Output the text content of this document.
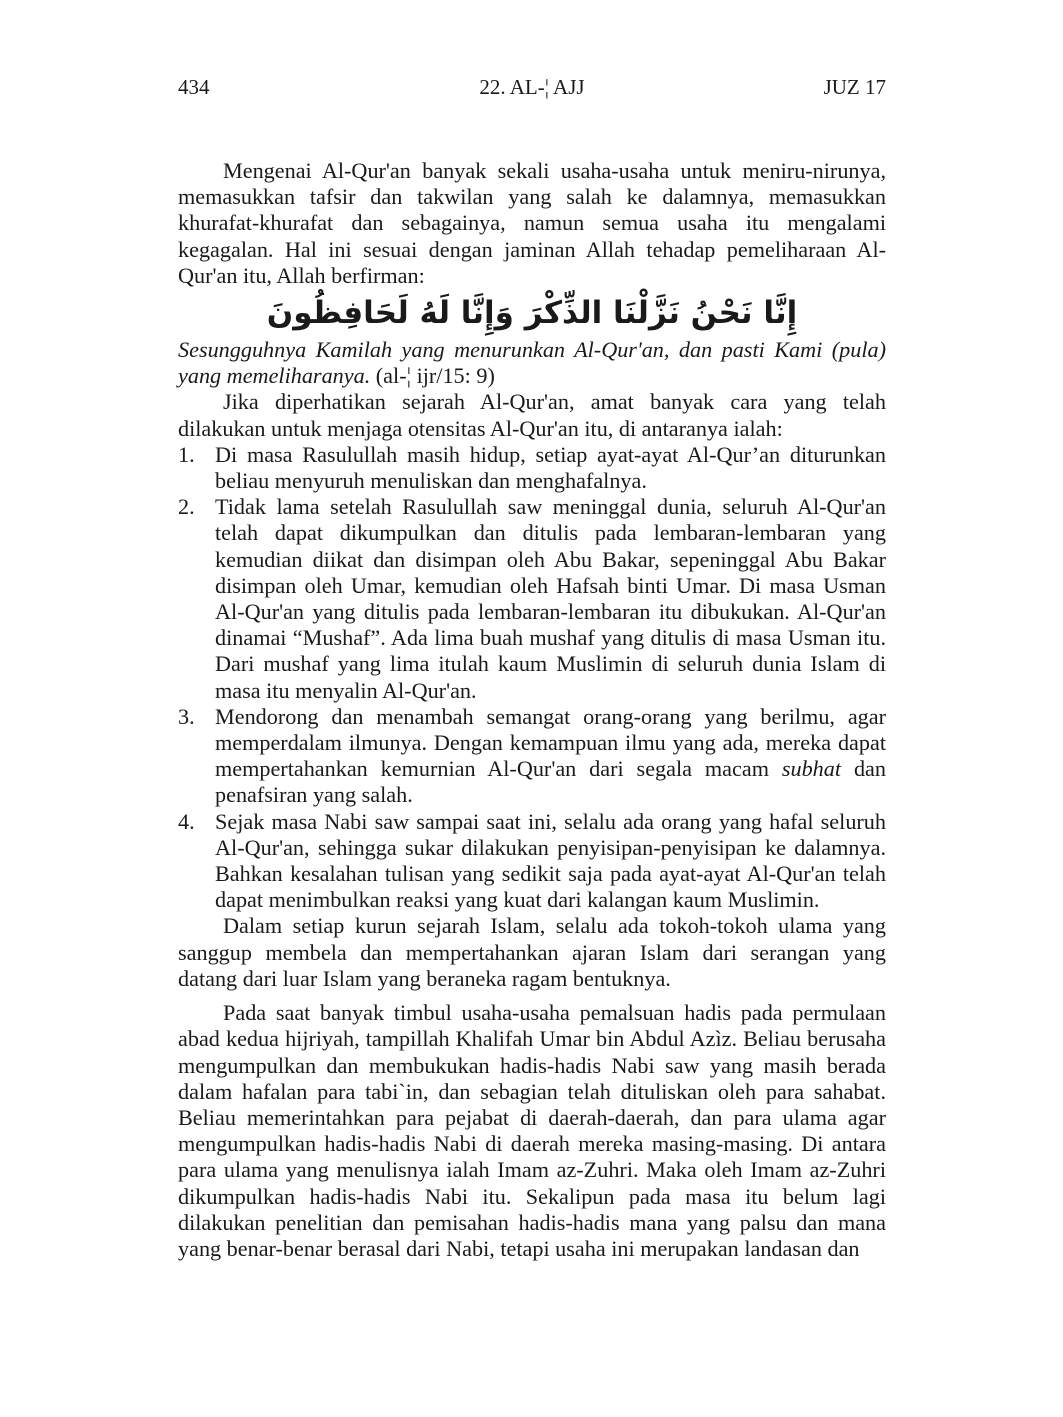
22. AL-¦ AJJ
434	JUZ 17

Mengenai Al-Qur'an banyak sekali usaha-usaha untuk meniru-nirunya, memasukkan tafsir dan takwilan yang salah ke dalamnya, memasukkan khurafat-khurafat dan sebagainya, namun semua usaha itu mengalami kegagalan. Hal ini sesuai dengan jaminan Allah tehadap pemeliharaan Al-Qur'an itu, Allah berfirman:

إِنَّا نَحْنُ نَزَّلْنَا الذِّكْرَ وَإِنَّا لَهُ لَحَافِظُونَ

Sesungguhnya Kamilah yang menurunkan Al-Qur'an, dan pasti Kami (pula) yang memeliharanya. (al-¦ ijr/15: 9)

Jika diperhatikan sejarah Al-Qur'an, amat banyak cara yang telah dilakukan untuk menjaga otensitas Al-Qur'an itu, di antaranya ialah:

1. Di masa Rasulullah masih hidup, setiap ayat-ayat Al-Qur’an diturunkan beliau menyuruh menuliskan dan menghafalnya.
2. Tidak lama setelah Rasulullah saw meninggal dunia, seluruh Al-Qur'an telah dapat dikumpulkan dan ditulis pada lembaran-lembaran yang kemudian diikat dan disimpan oleh Abu Bakar, sepeninggal Abu Bakar disimpan oleh Umar, kemudian oleh Hafsah binti Umar. Di masa Usman Al-Qur'an yang ditulis pada lembaran-lembaran itu dibukukan. Al-Qur'an dinamai “Mushaf”. Ada lima buah mushaf yang ditulis di masa Usman itu. Dari mushaf yang lima itulah kaum Muslimin di seluruh dunia Islam di masa itu menyalin Al-Qur'an.
3. Mendorong dan menambah semangat orang-orang yang berilmu, agar memperdalam ilmunya. Dengan kemampuan ilmu yang ada, mereka dapat mempertahankan kemurnian Al-Qur'an dari segala macam subhat dan penafsiran yang salah.
4. Sejak masa Nabi saw sampai saat ini, selalu ada orang yang hafal seluruh Al-Qur'an, sehingga sukar dilakukan penyisipan-penyisipan ke dalamnya. Bahkan kesalahan tulisan yang sedikit saja pada ayat-ayat Al-Qur'an telah dapat menimbulkan reaksi yang kuat dari kalangan kaum Muslimin.

Dalam setiap kurun sejarah Islam, selalu ada tokoh-tokoh ulama yang sanggup membela dan mempertahankan ajaran Islam dari serangan yang datang dari luar Islam yang beraneka ragam bentuknya.

Pada saat banyak timbul usaha-usaha pemalsuan hadis pada permulaan abad kedua hijriyah, tampillah Khalifah Umar bin Abdul Azìz. Beliau berusaha mengumpulkan dan membukukan hadis-hadis Nabi saw yang masih berada dalam hafalan para tabi`in, dan sebagian telah dituliskan oleh para sahabat. Beliau memerintahkan para pejabat di daerah-daerah, dan para ulama agar mengumpulkan hadis-hadis Nabi di daerah mereka masing-masing. Di antara para ulama yang menulisnya ialah Imam az-Zuhri. Maka oleh Imam az-Zuhri dikumpulkan hadis-hadis Nabi itu. Sekalipun pada masa itu belum lagi dilakukan penelitian dan pemisahan hadis-hadis mana yang palsu dan mana yang benar-benar berasal dari Nabi, tetapi usaha ini merupakan landasan dan
